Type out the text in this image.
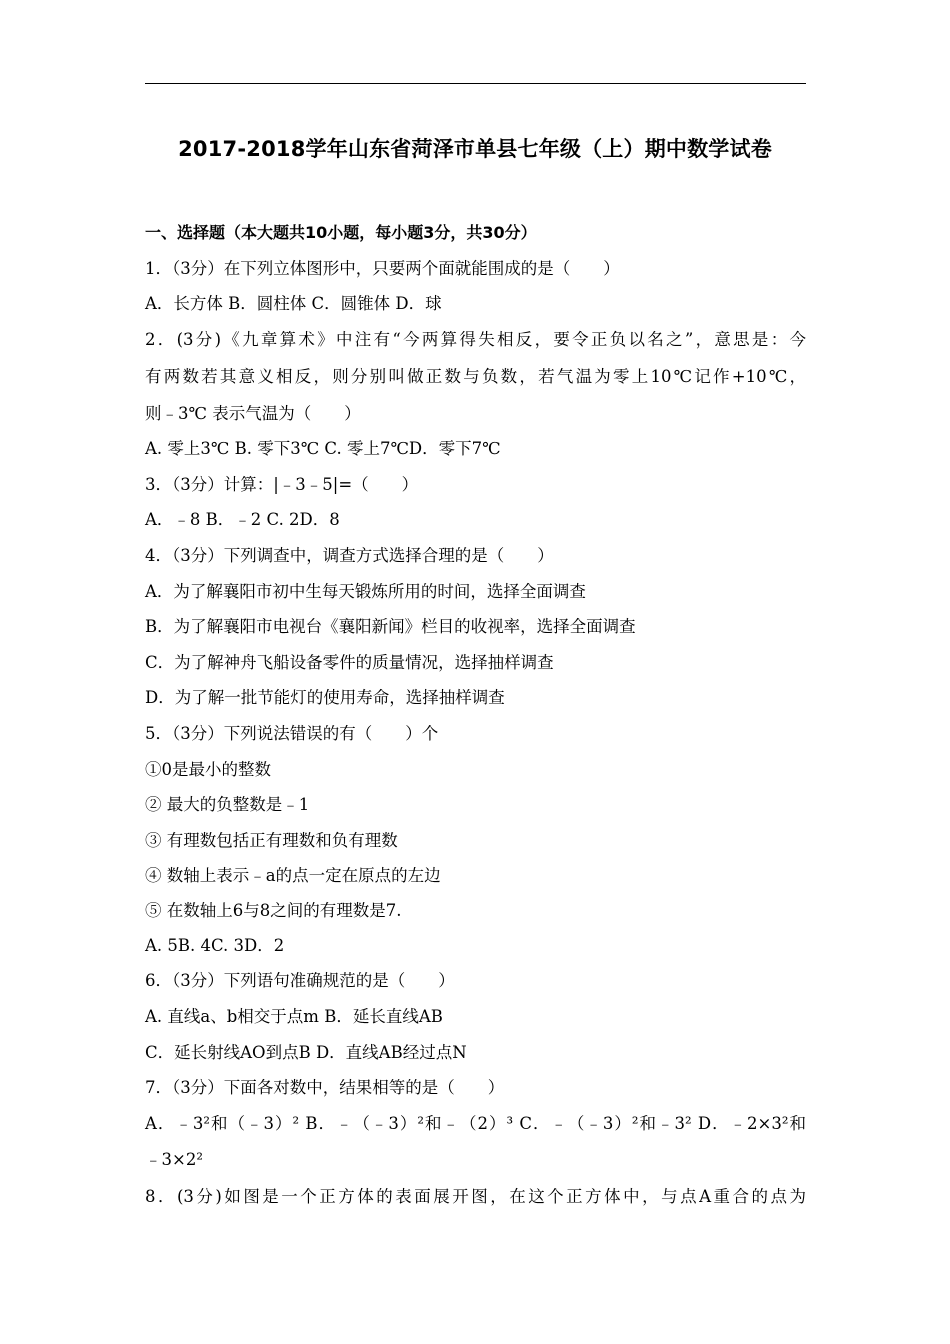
2017-2018学年山东省菏泽市单县七年级（上）期中数学试卷
一、选择题（本大题共10小题，每小题3分，共30分）
1．（3分）在下列立体图形中，只要两个面就能围成的是（　　）
A．长方体 B．圆柱体 C．圆锥体 D．球
2．(3分)《九章算术》中注有“今两算得失相反，要令正负以名之”，意思是：今
有两数若其意义相反，则分别叫做正数与负数，若气温为零上10℃记作+10℃，
则﹣3℃ 表示气温为（　　）
A. 零上3℃ B. 零下3℃ C. 零上7℃D．零下7℃
3．（3分）计算：|﹣3﹣5|=（　　）
A．﹣8 B．﹣2 C. 2D．8
4．（3分）下列调查中，调查方式选择合理的是（　　）
A．为了解襄阳市初中生每天锻炼所用的时间，选择全面调查
B．为了解襄阳市电视台《襄阳新闻》栏目的收视率，选择全面调查
C．为了解神舟飞船设备零件的质量情况，选择抽样调查
D．为了解一批节能灯的使用寿命，选择抽样调查
5．（3分）下列说法错误的有（　　）个
①0是最小的整数
② 最大的负整数是﹣1
③ 有理数包括正有理数和负有理数
④ 数轴上表示﹣a的点一定在原点的左边
⑤ 在数轴上6与8之间的有理数是7.
A. 5B. 4C. 3D．2
6．（3分）下列语句准确规范的是（　　）
A. 直线a、b相交于点m B．延长直线AB
C．延长射线AO到点B D．直线AB经过点N
7．（3分）下面各对数中，结果相等的是（　　）
A．﹣3²和（﹣3）² B．﹣（﹣3）²和﹣（2）³ C．﹣（﹣3）²和﹣3² D．﹣2×3²和
﹣3×2²
8．(3分)如图是一个正方体的表面展开图，在这个正方体中，与点A重合的点为
